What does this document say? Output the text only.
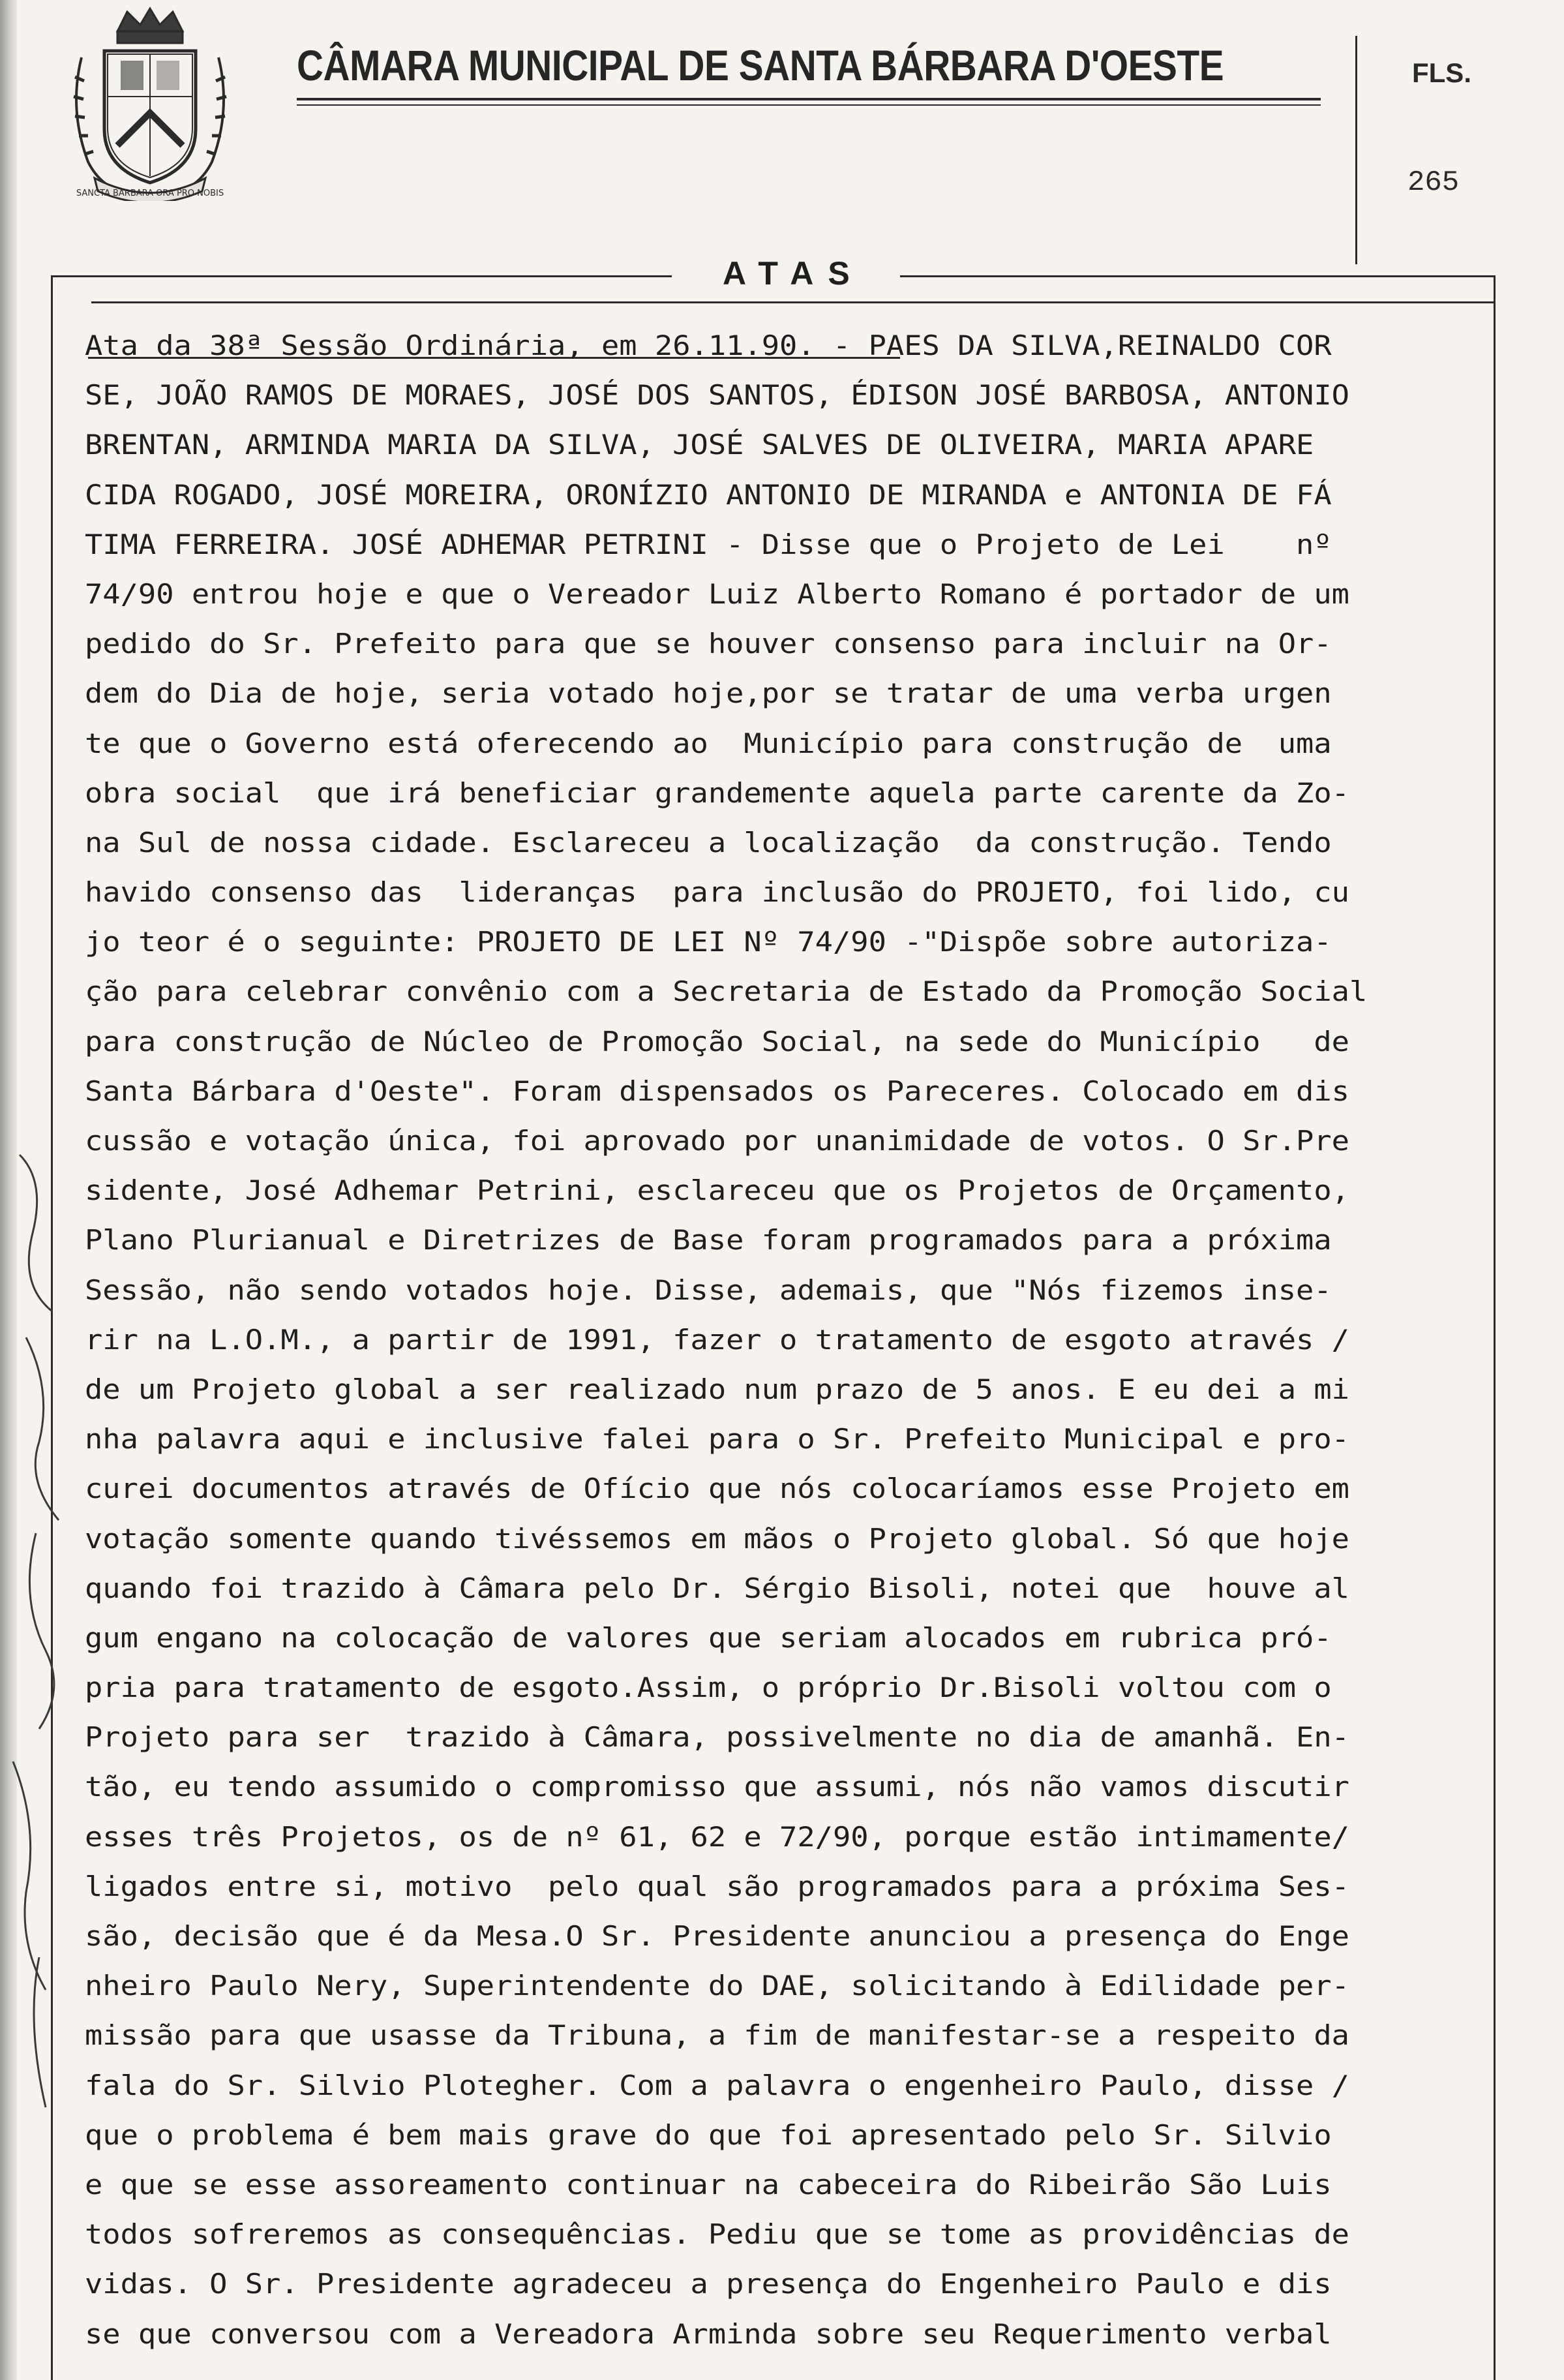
SANCTA BARBARA ORA PRO NOBIS
CÂMARA MUNICIPAL DE SANTA BÁRBARA D'OESTE	FLS.
265
ATAS
Ata da 38ª Sessão Ordinária, em 26.11.90. - PAES DA SILVA,REINALDO COR
SE, JOÃO RAMOS DE MORAES, JOSÉ DOS SANTOS, ÉDISON JOSÉ BARBOSA, ANTONIO
BRENTAN, ARMINDA MARIA DA SILVA, JOSÉ SALVES DE OLIVEIRA, MARIA APARE
CIDA ROGADO, JOSÉ MOREIRA, ORONÍZIO ANTONIO DE MIRANDA e ANTONIA DE FÁ
TIMA FERREIRA. JOSÉ ADHEMAR PETRINI - Disse que o Projeto de Lei    nº
74/90 entrou hoje e que o Vereador Luiz Alberto Romano é portador de um
pedido do Sr. Prefeito para que se houver consenso para incluir na Or-
dem do Dia de hoje, seria votado hoje,por se tratar de uma verba urgen
te que o Governo está oferecendo ao  Município para construção de  uma
obra social  que irá beneficiar grandemente aquela parte carente da Zo-
na Sul de nossa cidade. Esclareceu a localização  da construção. Tendo
havido consenso das  lideranças  para inclusão do PROJETO, foi lido, cu
jo teor é o seguinte: PROJETO DE LEI Nº 74/90 -"Dispõe sobre autoriza-
ção para celebrar convênio com a Secretaria de Estado da Promoção Social
para construção de Núcleo de Promoção Social, na sede do Município   de
Santa Bárbara d'Oeste". Foram dispensados os Pareceres. Colocado em dis
cussão e votação única, foi aprovado por unanimidade de votos. O Sr.Pre
sidente, José Adhemar Petrini, esclareceu que os Projetos de Orçamento,
Plano Plurianual e Diretrizes de Base foram programados para a próxima
Sessão, não sendo votados hoje. Disse, ademais, que "Nós fizemos inse-
rir na L.O.M., a partir de 1991, fazer o tratamento de esgoto através /
de um Projeto global a ser realizado num prazo de 5 anos. E eu dei a mi
nha palavra aqui e inclusive falei para o Sr. Prefeito Municipal e pro-
curei documentos através de Ofício que nós colocaríamos esse Projeto em
votação somente quando tivéssemos em mãos o Projeto global. Só que hoje
quando foi trazido à Câmara pelo Dr. Sérgio Bisoli, notei que  houve al
gum engano na colocação de valores que seriam alocados em rubrica pró-
pria para tratamento de esgoto.Assim, o próprio Dr.Bisoli voltou com o
Projeto para ser  trazido à Câmara, possivelmente no dia de amanhã. En-
tão, eu tendo assumido o compromisso que assumi, nós não vamos discutir
esses três Projetos, os de nº 61, 62 e 72/90, porque estão intimamente/
ligados entre si, motivo  pelo qual são programados para a próxima Ses-
são, decisão que é da Mesa.O Sr. Presidente anunciou a presença do Enge
nheiro Paulo Nery, Superintendente do DAE, solicitando à Edilidade per-
missão para que usasse da Tribuna, a fim de manifestar-se a respeito da
fala do Sr. Silvio Plotegher. Com a palavra o engenheiro Paulo, disse /
que o problema é bem mais grave do que foi apresentado pelo Sr. Silvio
e que se esse assoreamento continuar na cabeceira do Ribeirão São Luis
todos sofreremos as consequências. Pediu que se tome as providências de
vidas. O Sr. Presidente agradeceu a presença do Engenheiro Paulo e dis
se que conversou com a Vereadora Arminda sobre seu Requerimento verbal
